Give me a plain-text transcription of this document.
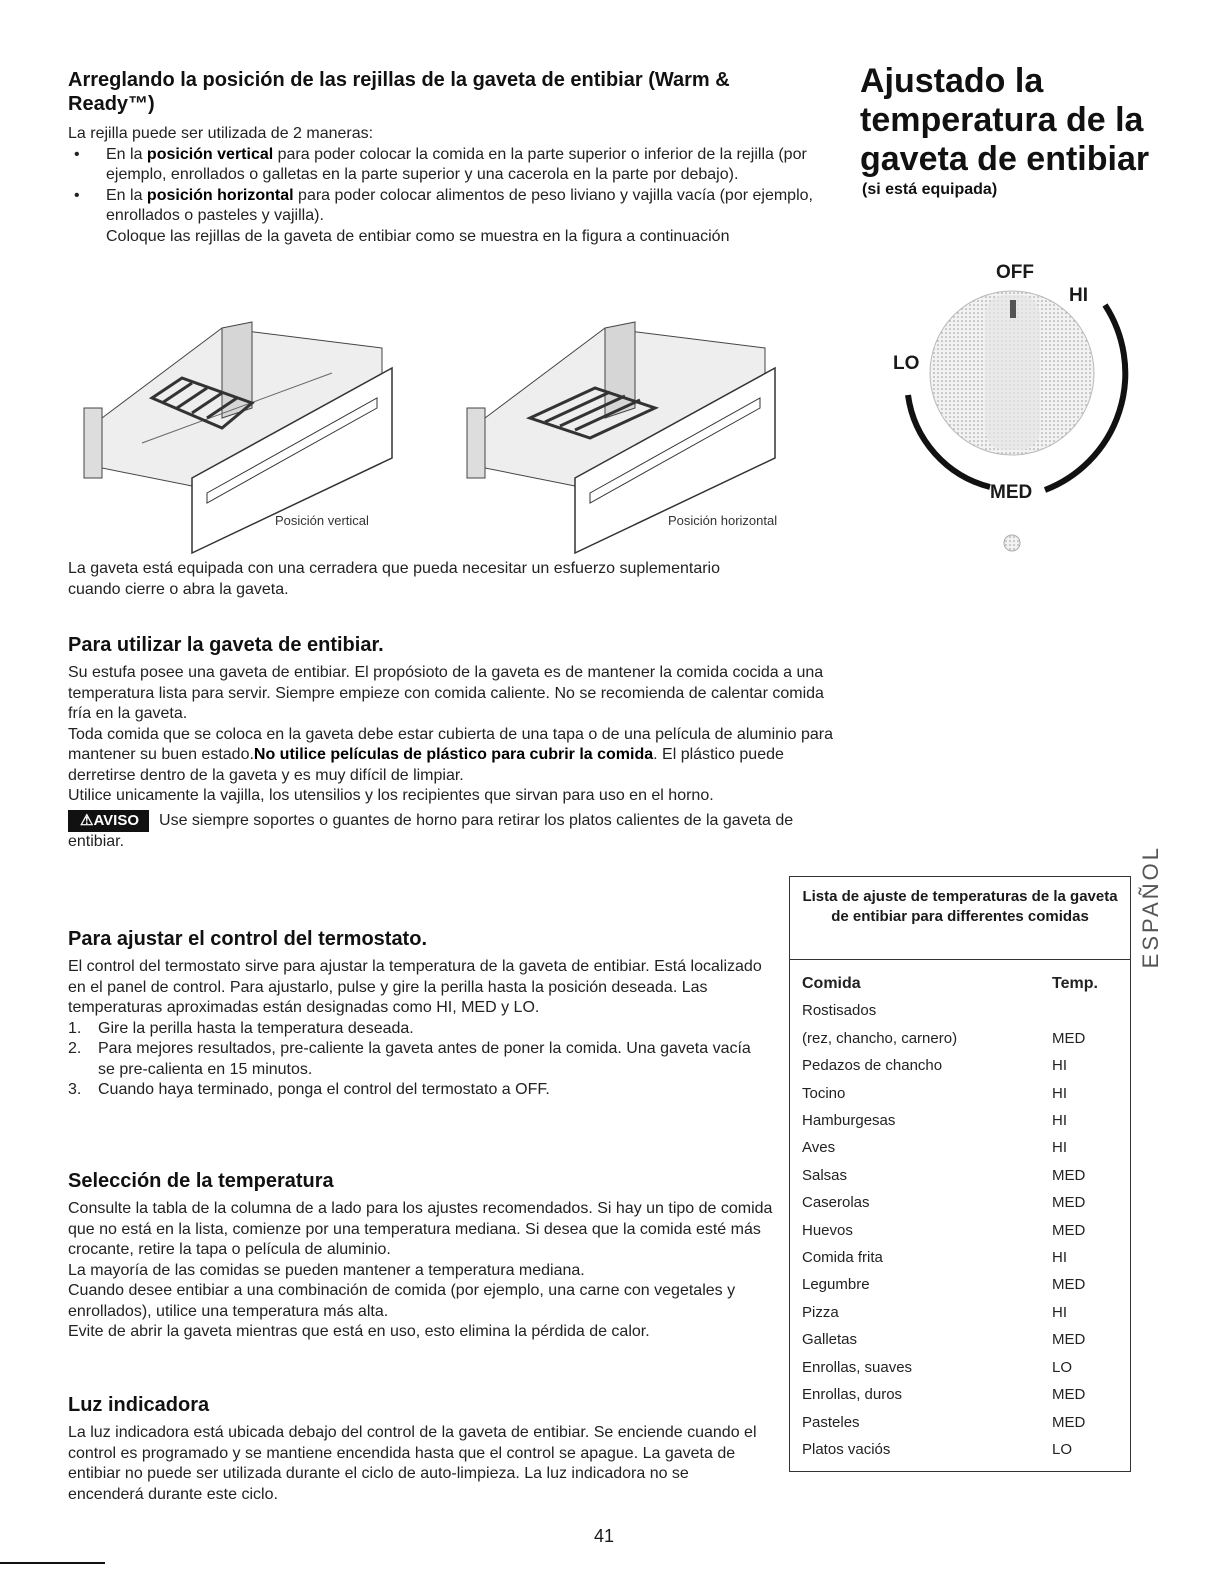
Arreglando la posición de las rejillas de la gaveta de entibiar (Warm & Ready™)
La rejilla puede ser utilizada de 2 maneras:
• En la posición vertical para poder colocar la comida en la parte superior o inferior de la rejilla (por ejemplo, enrollados o galletas en la parte superior y una cacerola en la parte por debajo).
• En la posición horizontal para poder colocar alimentos de peso liviano y vajilla vacía (por ejemplo, enrollados o pasteles y vajilla).
Coloque las rejillas de la gaveta de entibiar como se muestra en la figura a continuación
Posición vertical	Posición horizontal
La gaveta está equipada con una cerradera que pueda necesitar un esfuerzo suplementario cuando cierre o abra la gaveta.
Para utilizar la gaveta de entibiar.
Su estufa posee una gaveta de entibiar. El propósioto de la gaveta es de mantener la comida cocida a una temperatura lista para servir. Siempre empieze con comida caliente. No se recomienda de calentar comida fría en la gaveta.
Toda comida que se coloca en la gaveta debe estar cubierta de una tapa o de una película de aluminio para mantener su buen estado.No utilice películas de plástico para cubrir la comida. El plástico puede derretirse dentro de la gaveta y es muy difícil de limpiar.
Utilice unicamente la vajilla, los utensilios y los recipientes que sirvan para uso en el horno.
⚠AVISO Use siempre soportes o guantes de horno para retirar los platos calientes de la gaveta de entibiar.
Para ajustar el control del termostato.
El control del termostato sirve para ajustar la temperatura de la gaveta de entibiar. Está localizado en el panel de control. Para ajustarlo, pulse y gire la perilla hasta la posición deseada. Las temperaturas aproximadas están designadas como HI, MED y LO.
1. Gire la perilla hasta la temperatura deseada.
2. Para mejores resultados, pre-caliente la gaveta antes de poner la comida. Una gaveta vacía se pre-calienta en 15 minutos.
3. Cuando haya terminado, ponga el control del termostato a OFF.
Selección de la temperatura
Consulte la tabla de la columna de a lado para los ajustes recomendados. Si hay un tipo de comida que no está en la lista, comienze por una temperatura mediana. Si desea que la comida esté más crocante, retire la tapa o película de aluminio.
La mayoría de las comidas se pueden mantener a temperatura mediana.
Cuando desee entibiar a una combinación de comida (por ejemplo, una carne con vegetales y enrollados), utilice una temperatura más alta.
Evite de abrir la gaveta mientras que está en uso, esto elimina la pérdida de calor.
Luz indicadora
La luz indicadora está ubicada debajo del control de la gaveta de entibiar. Se enciende cuando el control es programado y se mantiene encendida hasta que el control se apague. La gaveta de entibiar no puede ser utilizada durante el ciclo de auto-limpieza. La luz indicadora no se encenderá durante este ciclo.
Ajustado la
temperatura de la
gaveta de entibiar
(si está equipada)
OFF
HI
LO
MED
ESPAÑOL
Lista de ajuste de temperaturas de la gaveta de entibiar para differentes comidas
Comida	Temp.
Rostisados
(rez, chancho, carnero)	MED
Pedazos de chancho	HI
Tocino	HI
Hamburgesas	HI
Aves	HI
Salsas	MED
Caserolas	MED
Huevos	MED
Comida frita	HI
Legumbre	MED
Pizza	HI
Galletas	MED
Enrollas, suaves	LO
Enrollas, duros	MED
Pasteles	MED
Platos vaciós	LO
41
